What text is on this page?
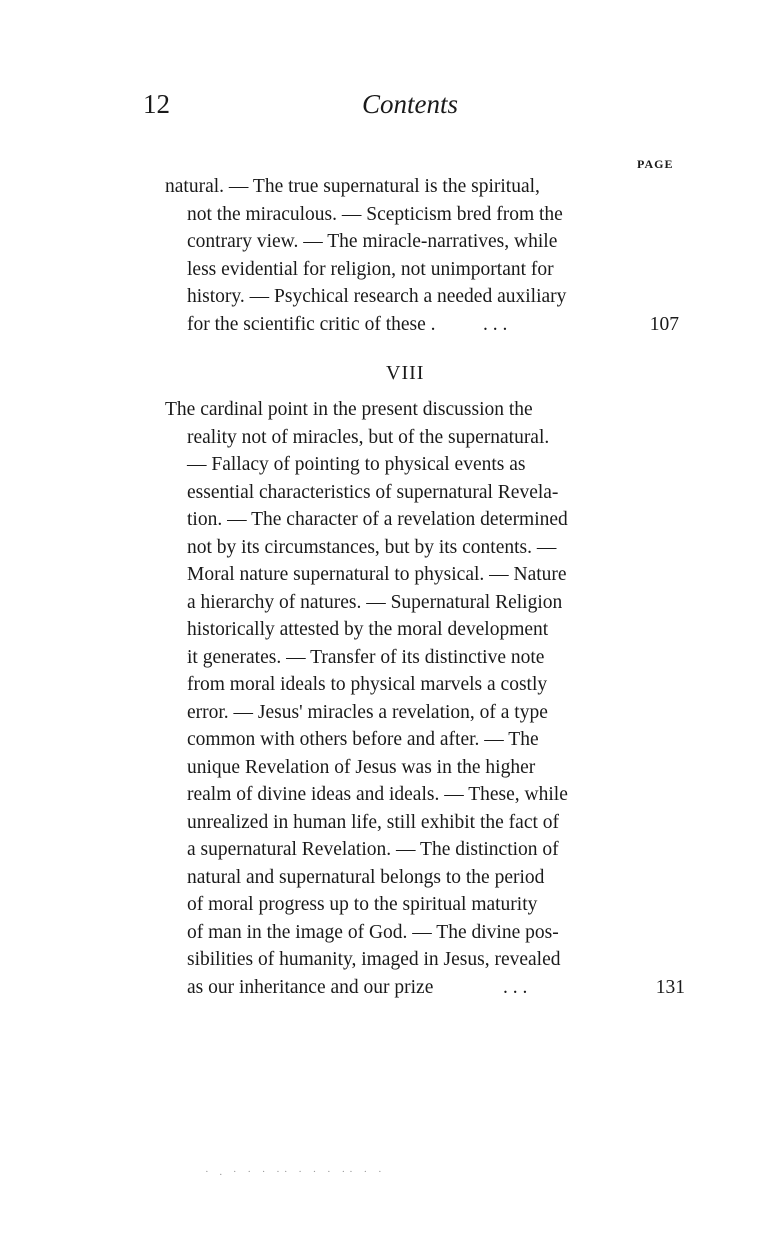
12	Contents
PAGE
natural. — The true supernatural is the spiritual,
not the miraculous. — Scepticism bred from the
contrary view. — The miracle-narratives, while
less evidential for religion, not unimportant for
history. — Psychical research a needed auxiliary
for the scientific critic of these . . . .	107
VIII
The cardinal point in the present discussion the
reality not of miracles, but of the supernatural.
— Fallacy of pointing to physical events as
essential characteristics of supernatural Revela-
tion. — The character of a revelation determined
not by its circumstances, but by its contents. —
Moral nature supernatural to physical. — Nature
a hierarchy of natures. — Supernatural Religion
historically attested by the moral development
it generates. — Transfer of its distinctive note
from moral ideals to physical marvels a costly
error. — Jesus' miracles a revelation, of a type
common with others before and after. — The
unique Revelation of Jesus was in the higher
realm of divine ideas and ideals. — These, while
unrealized in human life, still exhibit the fact of
a supernatural Revelation. — The distinction of
natural and supernatural belongs to the period
of moral progress up to the spiritual maturity
of man in the image of God. — The divine pos-
sibilities of humanity, imaged in Jesus, revealed
as our inheritance and our prize	. . .	131
· . · · · ·· · · · ·· · ·
